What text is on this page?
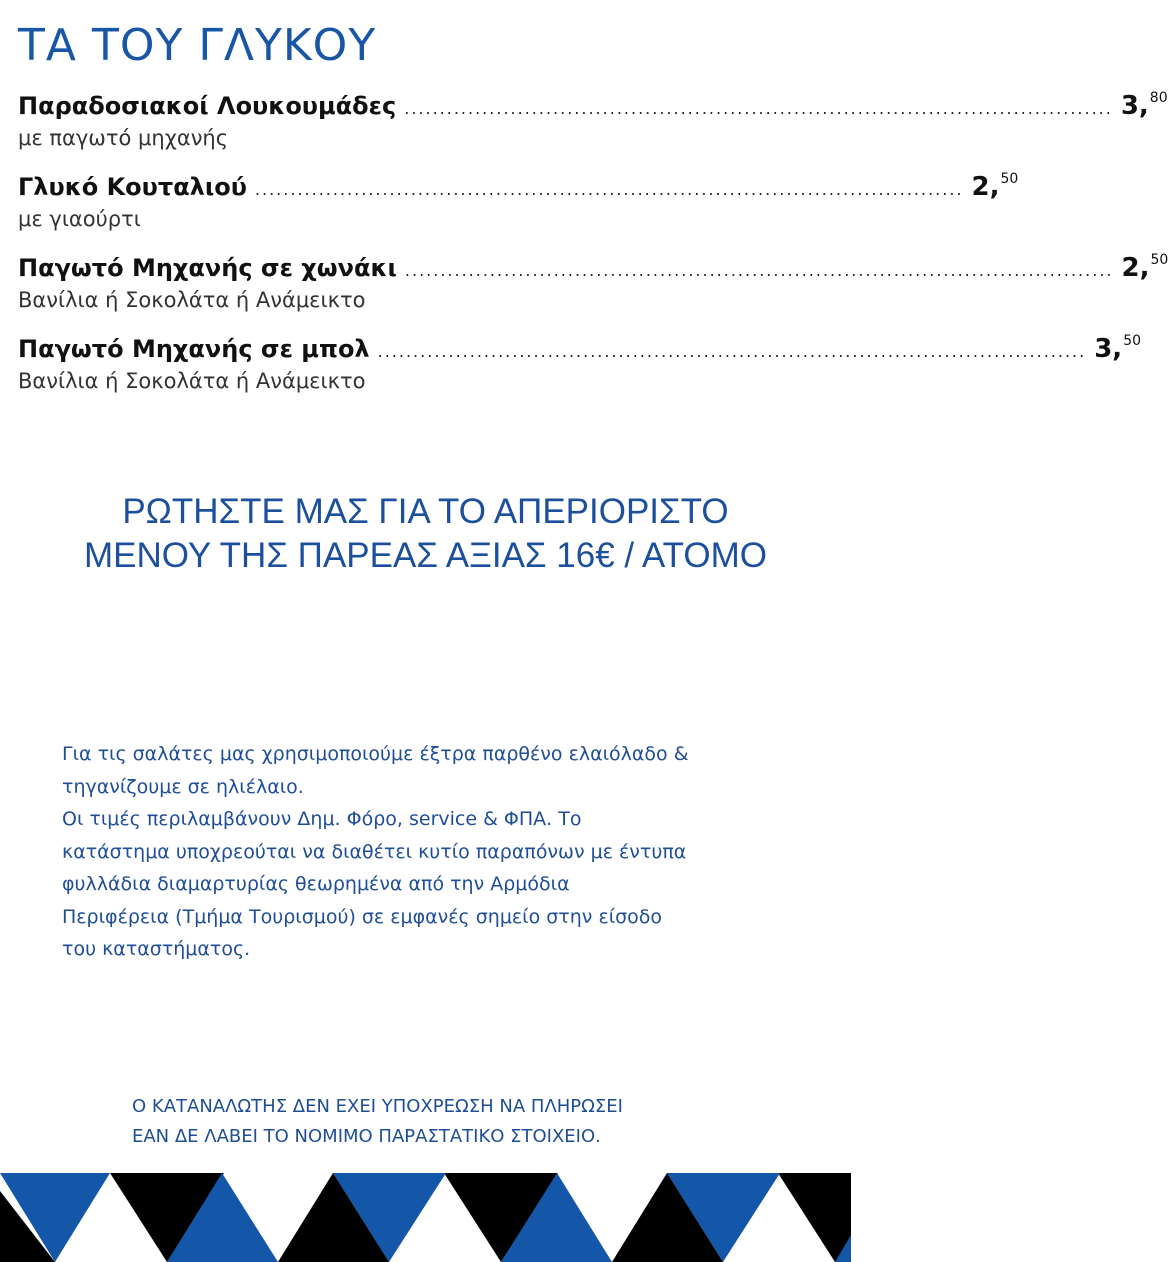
ΤΑ ΤΟΥ ΓΛΥΚΟΥ
Παραδοσιακοί Λουκουμάδες .................................................................................................... 3,80
με παγωτό μηχανής
Γλυκό Κουταλιού .................................................................................................... 2,50
με γιαούρτι
Παγωτό Μηχανής σε χωνάκι .................................................................................................... 2,50
Βανίλια ή Σοκολάτα ή Ανάμεικτο
Παγωτό Μηχανής σε μπολ .................................................................................................... 3,50
Βανίλια ή Σοκολάτα ή Ανάμεικτο
ΡΩΤΗΣΤΕ ΜΑΣ ΓΙΑ ΤΟ ΑΠΕΡΙΟΡΙΣΤΟ
ΜΕΝΟΥ ΤΗΣ ΠΑΡΕΑΣ ΑΞΙΑΣ 16€ / ΑΤΟΜΟ
Για τις σαλάτες μας χρησιμοποιούμε έξτρα παρθένο ελαιόλαδο &
τηγανίζουμε σε ηλιέλαιο.
Οι τιμές περιλαμβάνουν Δημ. Φόρο, service & ΦΠΑ. Το
κατάστημα υποχρεούται να διαθέτει κυτίο παραπόνων με έντυπα
φυλλάδια διαμαρτυρίας θεωρημένα από την Αρμόδια
Περιφέρεια (Τμήμα Τουρισμού) σε εμφανές σημείο στην είσοδο
του καταστήματος.
Ο ΚΑΤΑΝΑΛΩΤΗΣ ΔΕΝ ΕΧΕΙ ΥΠΟΧΡΕΩΣΗ ΝΑ ΠΛΗΡΩΣΕΙ
ΕΑΝ ΔΕ ΛΑΒΕΙ ΤΟ ΝΟΜΙΜΟ ΠΑΡΑΣΤΑΤΙΚΟ ΣΤΟΙΧΕΙΟ.
